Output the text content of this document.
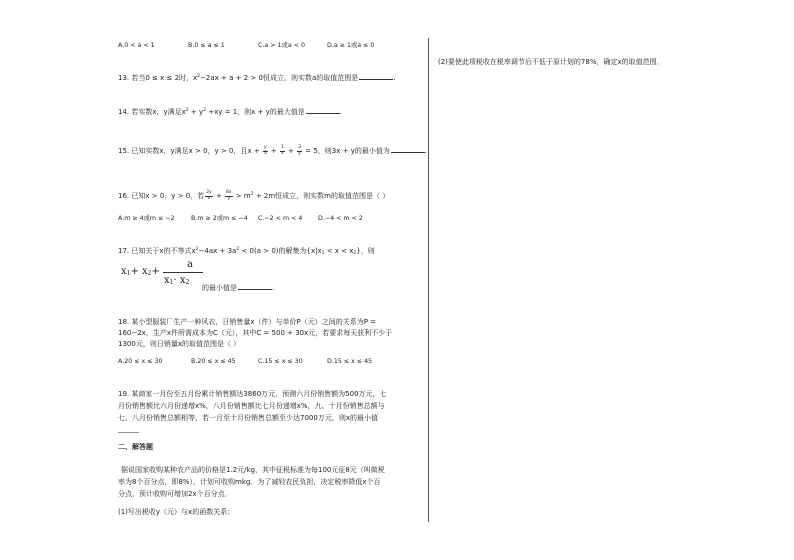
A.0 < a < 1	B.0 ≤ a ≤ 1	C.a > 1或a < 0	D.a ≥ 1或a ≤ 0
13. 若当0 ≤ x ≤ 2时，$x^2-2ax + a + 2 > 0$恒成立，则实数a的取值范围是	.
14. 若实数x，y满足$x^2 + y^2 +xy = 1$，则x + y的最大值是	.
15. 已知实数x，y满足x > 0，y > 0，且$x + \frac{y}{3} + \frac{1}{x} + \frac{3}{y} = 5$，则3x + y的最小值为	.
16. 已知x > 0，y > 0，若 $\frac{2y}{x} + \frac{8x}{y} > m^2 + 2m$恒成立，则实数m的取值范围是（ ）
A.m ≥ 4或m ≤ −2	B.m ≥ 2或m ≤ −4 C.−2 < m < 4 D.−4 < m < 2
17. 已知关于x的不等式$x^2-4ax + 3a^2 < 0(a > 0)$的解集为$\{x|x_1 < x < x_2\}$，则
$x_1+ x_2+$
a
$x_1\cdot x_2$
的最小值是	.
18. 某小型服装厂生产一种风衣，日销售量x（件）与单价P（元）之间的关系为P =
160−2x，生产x件所需成本为C（元），其中C = 500 + 30x元，若要求每天获利不少于
1300元，则日销量x的取值范围是（ ）
A.20 ≤ x ≤ 30	B.20 ≤ x ≤ 45	C.15 ≤ x ≤ 30	D.15 ≤ x ≤ 45
19. 某商家一月份至五月份累计销售额达3860万元，预测六月份销售额为500万元，七
月份销售额比六月份递增x%，八月份销售额比七月份递增x%，九、十月份销售总额与
七、八月份销售总额相等，若一月至十月份销售总额至少达7000万元，则x的最小值
______
二、解答题
据说国家收购某种农产品的价格是1.2元/kg，其中征税标准为每100元征8元（叫做税
率为8个百分点，即8%），计划可收购mkg．为了减轻农民负担，决定税率降低x个百
分点，预计收购可增加2x个百分点．
(1)写出税收y（元）与x的函数关系；
(2)要使此项税收在税率调节后不低于原计划的78%，确定x的取值范围．
